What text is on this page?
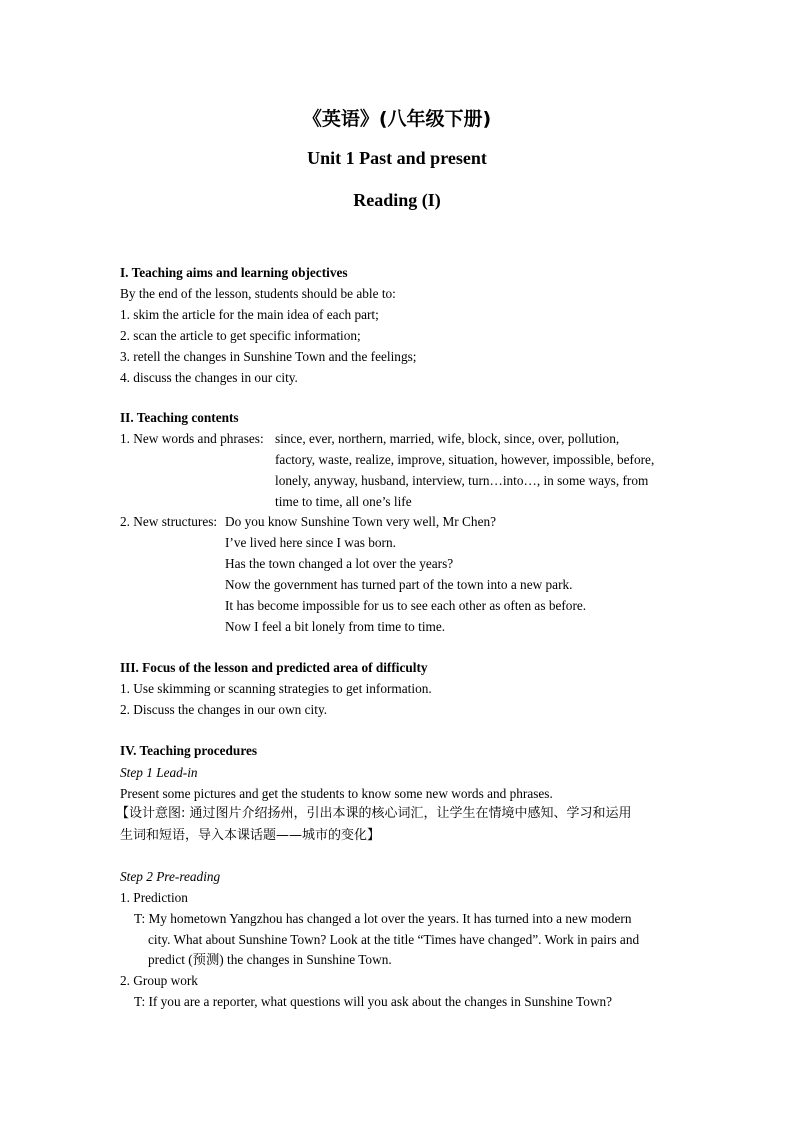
《英语》(八年级下册)
Unit 1 Past and present
Reading (I)
I. Teaching aims and learning objectives
By the end of the lesson, students should be able to:
1. skim the article for the main idea of each part;
2. scan the article to get specific information;
3. retell the changes in Sunshine Town and the feelings;
4. discuss the changes in our city.
II. Teaching contents
1. New words and phrases: since, ever, northern, married, wife, block, since, over, pollution,
factory, waste, realize, improve, situation, however, impossible, before,
lonely, anyway, husband, interview, turn…into…, in some ways, from
time to time, all one’s life
2. New structures: Do you know Sunshine Town very well, Mr Chen?
I’ve lived here since I was born.
Has the town changed a lot over the years?
Now the government has turned part of the town into a new park.
It has become impossible for us to see each other as often as before.
Now I feel a bit lonely from time to time.
III. Focus of the lesson and predicted area of difficulty
1. Use skimming or scanning strategies to get information.
2. Discuss the changes in our own city.
IV. Teaching procedures
Step 1 Lead-in
Present some pictures and get the students to know some new words and phrases.
【设计意图: 通过图片介绍扬州，引出本课的核心词汇，让学生在情境中感知、学习和运用
生词和短语，导入本课话题——城市的变化】
Step 2 Pre-reading
1. Prediction
T: My hometown Yangzhou has changed a lot over the years. It has turned into a new modern
city. What about Sunshine Town? Look at the title “Times have changed”. Work in pairs and
predict (预测) the changes in Sunshine Town.
2. Group work
T: If you are a reporter, what questions will you ask about the changes in Sunshine Town?
